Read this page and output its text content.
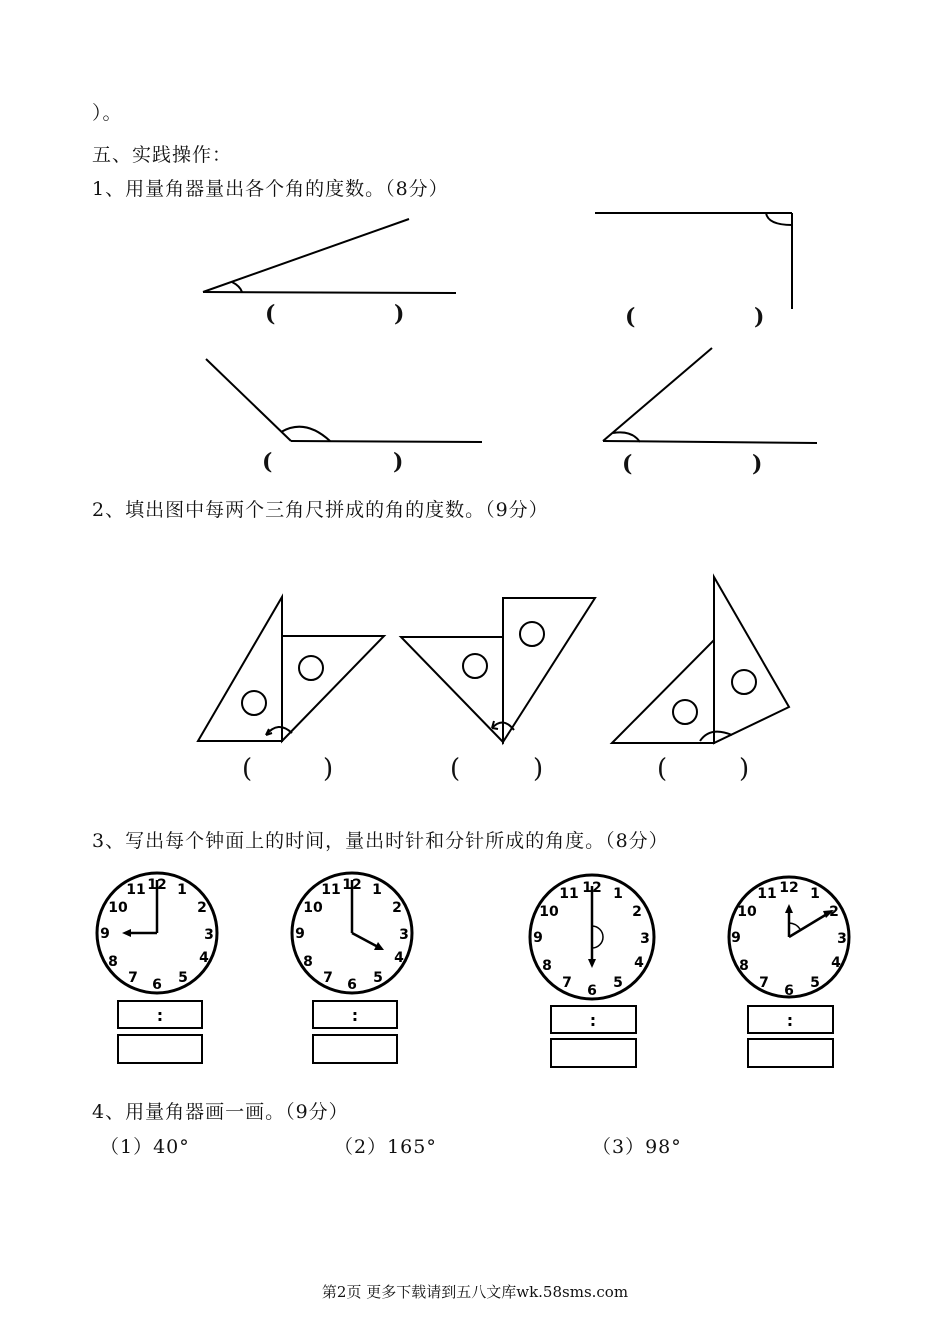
）。
五、实践操作：
1、用量角器量出各个角的度数。（8分）
2、填出图中每两个三角尺拼成的角的度数。（9分）
3、写出每个钟面上的时间，量出时针和分针所成的角度。（8分）
4、用量角器画一画。（9分）
（1）40°	（2）165°	（3）98°
(	)	(	)
(	)	(	)
(	)	(	)	(	)
12 1
2
3
4
5
6
7
8
9
10
11	12 1
2
3
4
5
6
7
8
9
10
11	12 1
2
3
4
5
6
7
8
9
10
11	12 1
2
3
4
5
6
7
8
9
10
11
:	:	:	:
第2页 更多下载请到五八文库wk.58sms.com
